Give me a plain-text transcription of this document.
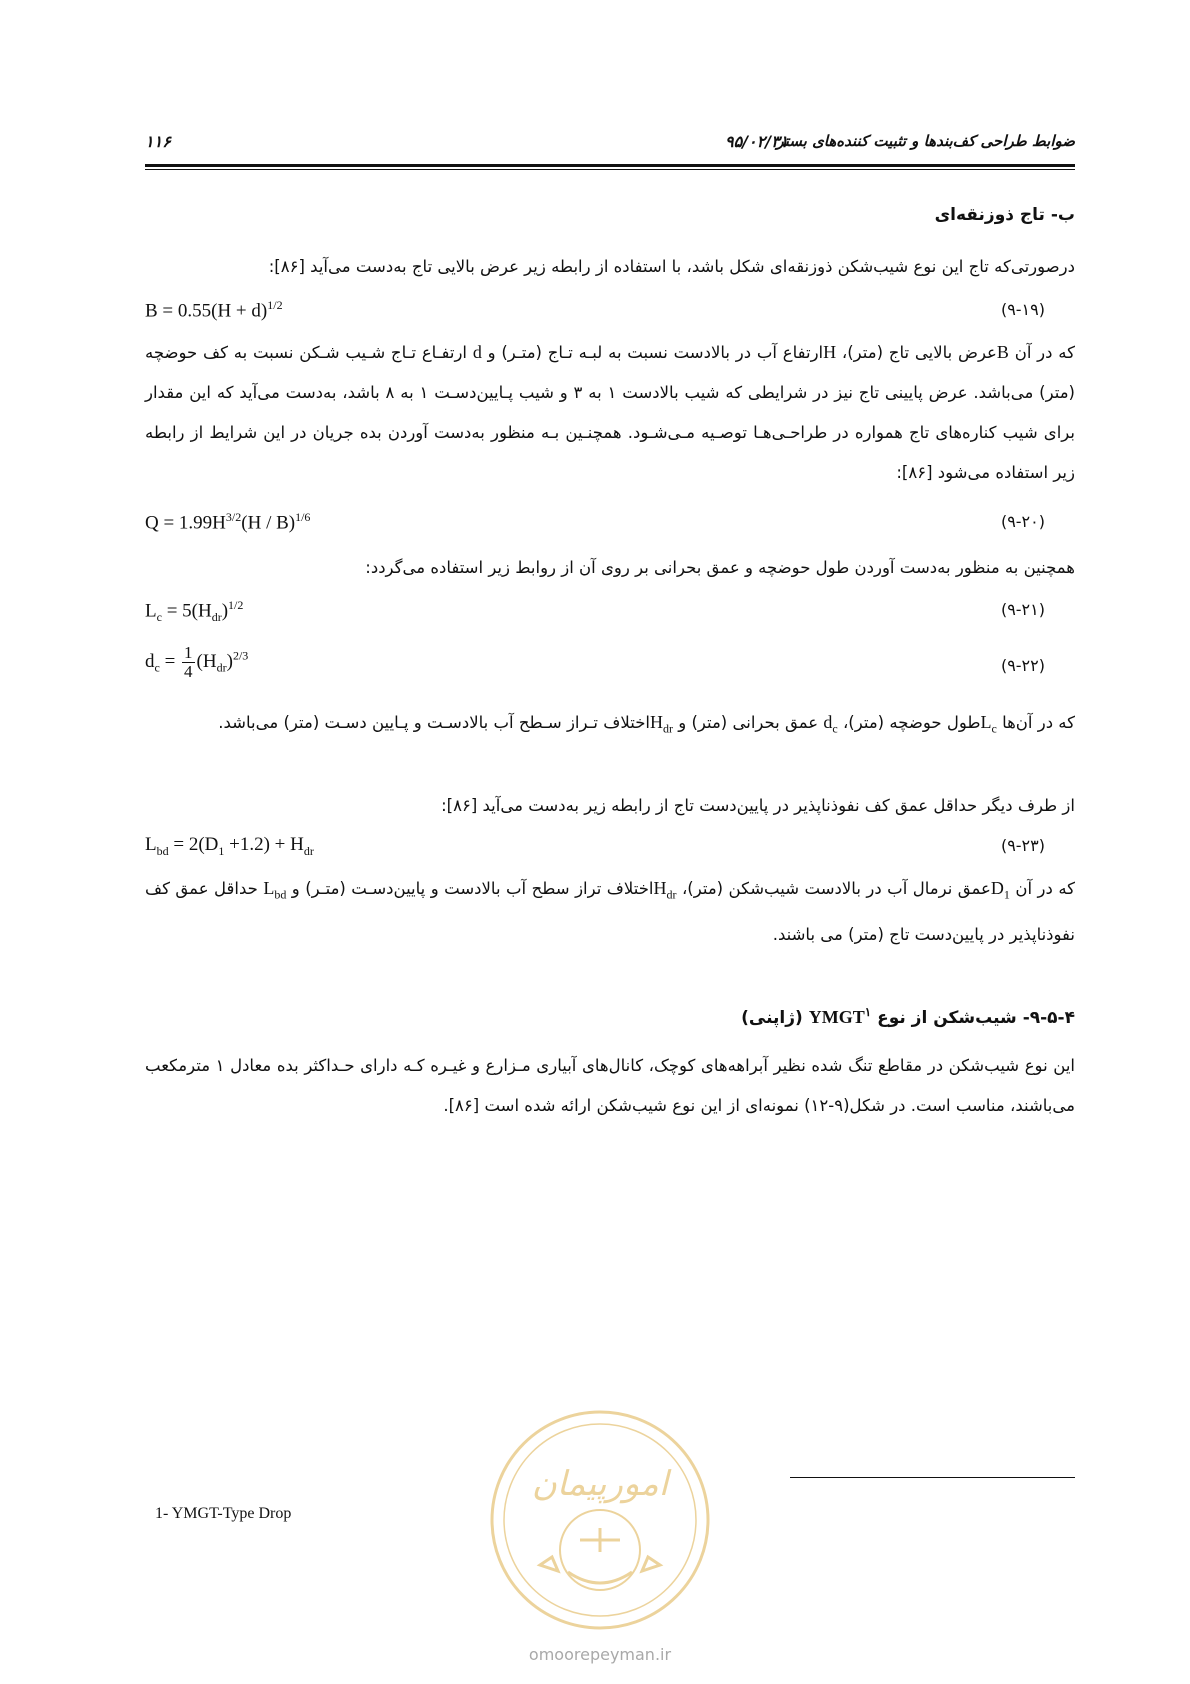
۱۱۶	۹۵/۰۲/۳۱
ضوابط طراحی کف‌بندها و تثبیت کننده‌های بستر

ب- تاج ذوزنقه‌ای

درصورتی‌که تاج این نوع شیب‌شکن ذوزنقه‌ای شکل باشد، با استفاده از رابطه زیر عرض بالایی تاج به‌دست می‌آید [۸۶]:

$B = 0.55(H + d)^{1/2}$	(۹-۱۹)

که در آن Bعرض بالایی تاج (متر)، Hارتفاع آب در بالادست نسبت به لبـه تـاج (متـر) و d ارتفـاع تـاج شـیب شـکن نسبت به کف حوضچه (متر) می‌باشد. عرض پایینی تاج نیز در شرایطی که شیب بالادست ۱ به ۳ و شیب پـایین‌دسـت ۱ به ۸ باشد، به‌دست می‌آید که این مقدار برای شیب کناره‌های تاج همواره در طراحـی‌هـا توصـیه مـی‌شـود. همچنـین بـه منظور به‌دست آوردن بده جریان در این شرایط از رابطه زیر استفاده می‌شود [۸۶]:

$Q = 1.99H^{3/2}(H / B)^{1/6}$	(۹-۲۰)

همچنین به منظور به‌دست آوردن طول حوضچه و عمق بحرانی بر روی آن از روابط زیر استفاده می‌گردد:

$L_c = 5(H_{dr})^{1/2}$	(۹-۲۱)
$d_c = \frac{1}{4} (H_{dr})^{2/3}$
(۹-۲۲)

که در آن‌ها $L_cطول$ حوضچه (متر)، $d_c$ عمق بحرانی (متر) و $H_{dr}اختلاف$ تـراز سـطح آب بالادسـت و پـایین دسـت (متر) می‌باشد.

از طرف دیگر حداقل عمق کف نفوذناپذیر در پایین‌دست تاج از رابطه زیر به‌دست می‌آید [۸۶]:

$L_{bd} = 2(D_1 +1.2) + H_{dr}$	(۹-۲۳)

که در آن $D_1عمق$ نرمال آب در بالادست شیب‌شکن (متر)، $H_{dr}اختلاف$ تراز سطح آب بالادست و پایین‌دسـت (متـر) و $L_{bd}$ حداقل عمق کف نفوذناپذیر در پایین‌دست تاج (متر) می باشند.

۹-۵-۴- شیب‌شکن از نوع YMGT$^۱$ (ژاپنی)

این نوع شیب‌شکن در مقاطع تنگ شده نظیر آبراهه‌های کوچک، کانال‌های آبیاری مـزارع و غیـره کـه دارای حـداکثر بده معادل ۱ مترمکعب می‌باشند، مناسب است. در شکل(۹-۱۲) نمونه‌ای از این نوع شیب‌شکن ارائه شده است [۸۶].

1- YMGT-Type Drop
امورپیمان
omoorepeyman.ir
